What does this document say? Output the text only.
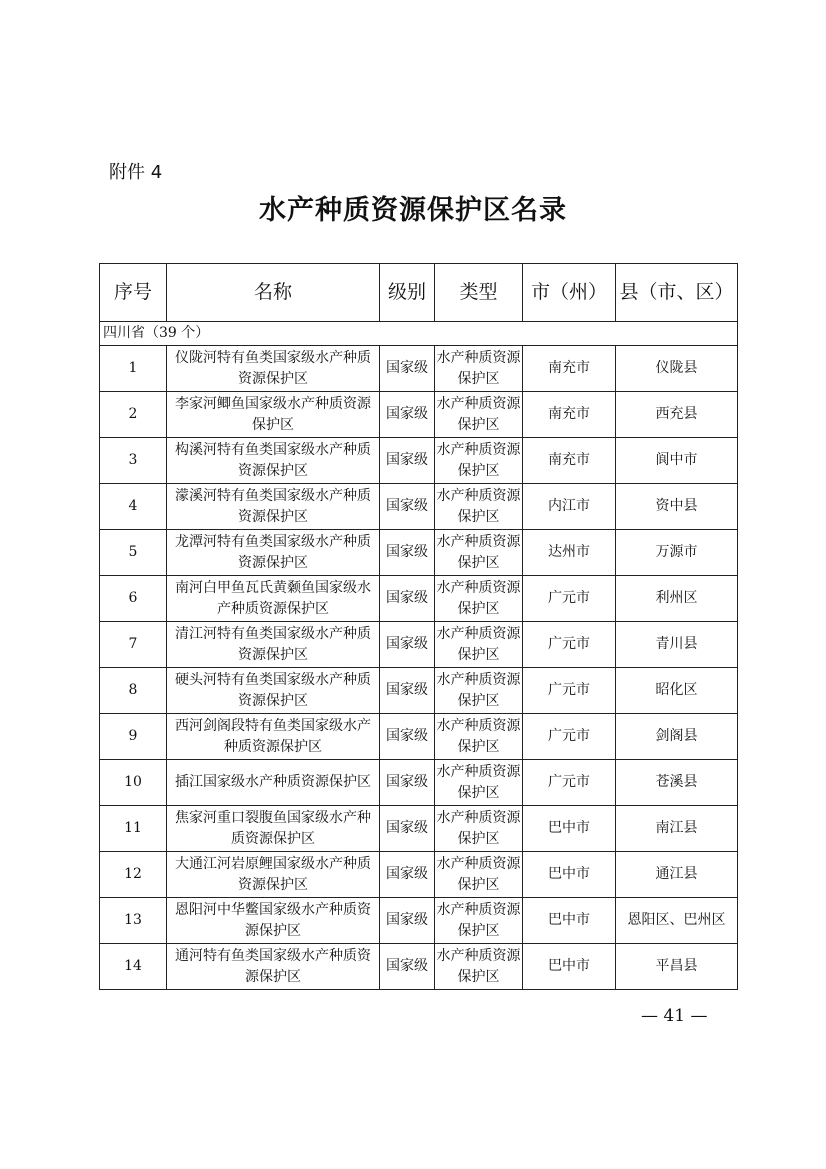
附件 4
水产种质资源保护区名录
序号	名称	级别	类型	市（州）	县（市、区）
四川省（39 个）					
1	仪陇河特有鱼类国家级水产种质资源保护区	国家级	水产种质资源保护区	南充市	仪陇县
2	李家河鲫鱼国家级水产种质资源保护区	国家级	水产种质资源保护区	南充市	西充县
3	构溪河特有鱼类国家级水产种质资源保护区	国家级	水产种质资源保护区	南充市	阆中市
4	濛溪河特有鱼类国家级水产种质资源保护区	国家级	水产种质资源保护区	内江市	资中县
5	龙潭河特有鱼类国家级水产种质资源保护区	国家级	水产种质资源保护区	达州市	万源市
6	南河白甲鱼瓦氏黄颡鱼国家级水产种质资源保护区	国家级	水产种质资源保护区	广元市	利州区
7	清江河特有鱼类国家级水产种质资源保护区	国家级	水产种质资源保护区	广元市	青川县
8	硬头河特有鱼类国家级水产种质资源保护区	国家级	水产种质资源保护区	广元市	昭化区
9	西河剑阁段特有鱼类国家级水产种质资源保护区	国家级	水产种质资源保护区	广元市	剑阁县
10	插江国家级水产种质资源保护区	国家级	水产种质资源保护区	广元市	苍溪县
11	焦家河重口裂腹鱼国家级水产种质资源保护区	国家级	水产种质资源保护区	巴中市	南江县
12	大通江河岩原鲤国家级水产种质资源保护区	国家级	水产种质资源保护区	巴中市	通江县
13	恩阳河中华鳖国家级水产种质资源保护区	国家级	水产种质资源保护区	巴中市	恩阳区、巴州区
14	通河特有鱼类国家级水产种质资源保护区	国家级	水产种质资源保护区	巴中市	平昌县
— 41 —
